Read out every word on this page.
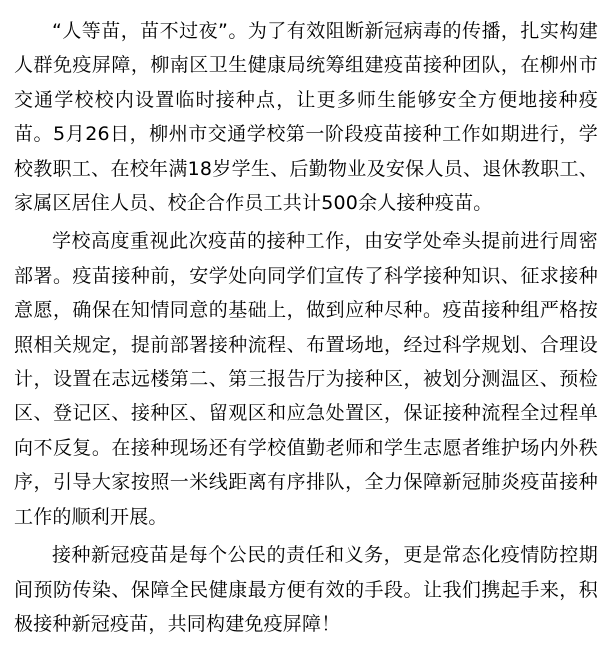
“人等苗，苗不过夜”。为了有效阻断新冠病毒的传播，扎实构建人群免疫屏障，柳南区卫生健康局统筹组建疫苗接种团队，在柳州市交通学校校内设置临时接种点，让更多师生能够安全方便地接种疫苗。5月26日，柳州市交通学校第一阶段疫苗接种工作如期进行，学校教职工、在校年满18岁学生、后勤物业及安保人员、退休教职工、家属区居住人员、校企合作员工共计500余人接种疫苗。

学校高度重视此次疫苗的接种工作，由安学处牵头提前进行周密部署。疫苗接种前，安学处向同学们宣传了科学接种知识、征求接种意愿，确保在知情同意的基础上，做到应种尽种。疫苗接种组严格按照相关规定，提前部署接种流程、布置场地，经过科学规划、合理设计，设置在志远楼第二、第三报告厅为接种区，被划分测温区、预检区、登记区、接种区、留观区和应急处置区，保证接种流程全过程单向不反复。在接种现场还有学校值勤老师和学生志愿者维护场内外秩序，引导大家按照一米线距离有序排队，全力保障新冠肺炎疫苗接种工作的顺利开展。

接种新冠疫苗是每个公民的责任和义务，更是常态化疫情防控期间预防传染、保障全民健康最方便有效的手段。让我们携起手来，积极接种新冠疫苗，共同构建免疫屏障！
